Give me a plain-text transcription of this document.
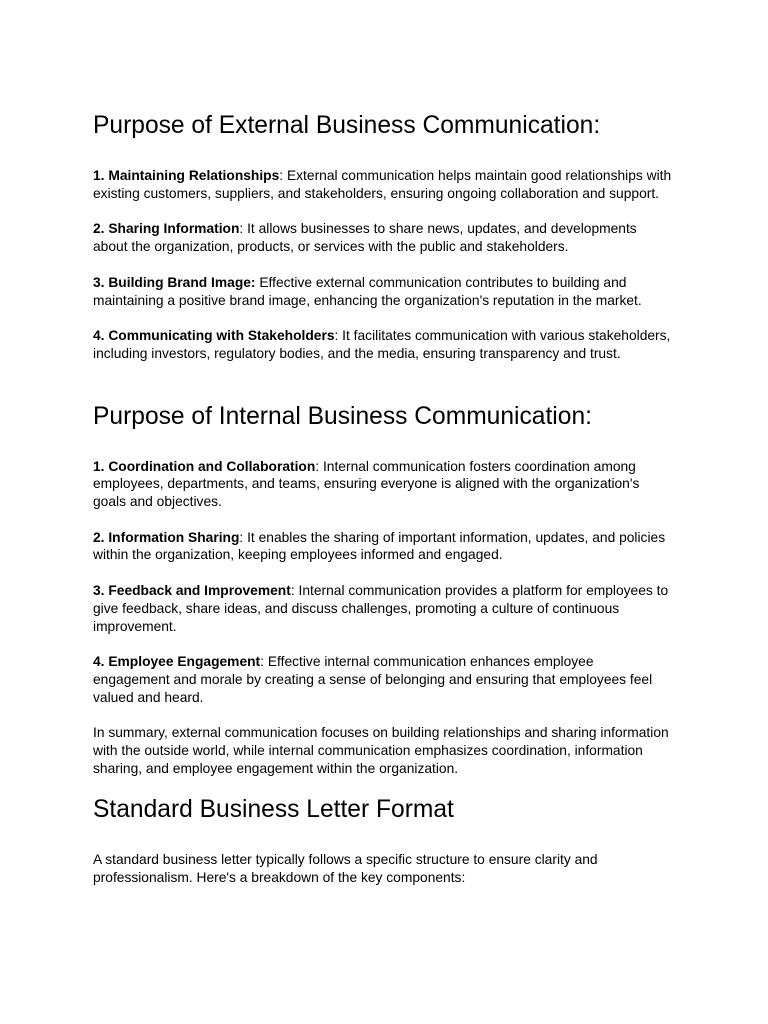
Purpose of External Business Communication:

1. Maintaining Relationships: External communication helps maintain good relationships with existing customers, suppliers, and stakeholders, ensuring ongoing collaboration and support.

2. Sharing Information: It allows businesses to share news, updates, and developments about the organization, products, or services with the public and stakeholders.

3. Building Brand Image: Effective external communication contributes to building and maintaining a positive brand image, enhancing the organization's reputation in the market.

4. Communicating with Stakeholders: It facilitates communication with various stakeholders, including investors, regulatory bodies, and the media, ensuring transparency and trust.

Purpose of Internal Business Communication:

1. Coordination and Collaboration: Internal communication fosters coordination among employees, departments, and teams, ensuring everyone is aligned with the organization's goals and objectives.

2. Information Sharing: It enables the sharing of important information, updates, and policies within the organization, keeping employees informed and engaged.

3. Feedback and Improvement: Internal communication provides a platform for employees to give feedback, share ideas, and discuss challenges, promoting a culture of continuous improvement.

4. Employee Engagement: Effective internal communication enhances employee engagement and morale by creating a sense of belonging and ensuring that employees feel valued and heard.

In summary, external communication focuses on building relationships and sharing information with the outside world, while internal communication emphasizes coordination, information sharing, and employee engagement within the organization.

Standard Business Letter Format

A standard business letter typically follows a specific structure to ensure clarity and professionalism. Here's a breakdown of the key components:
